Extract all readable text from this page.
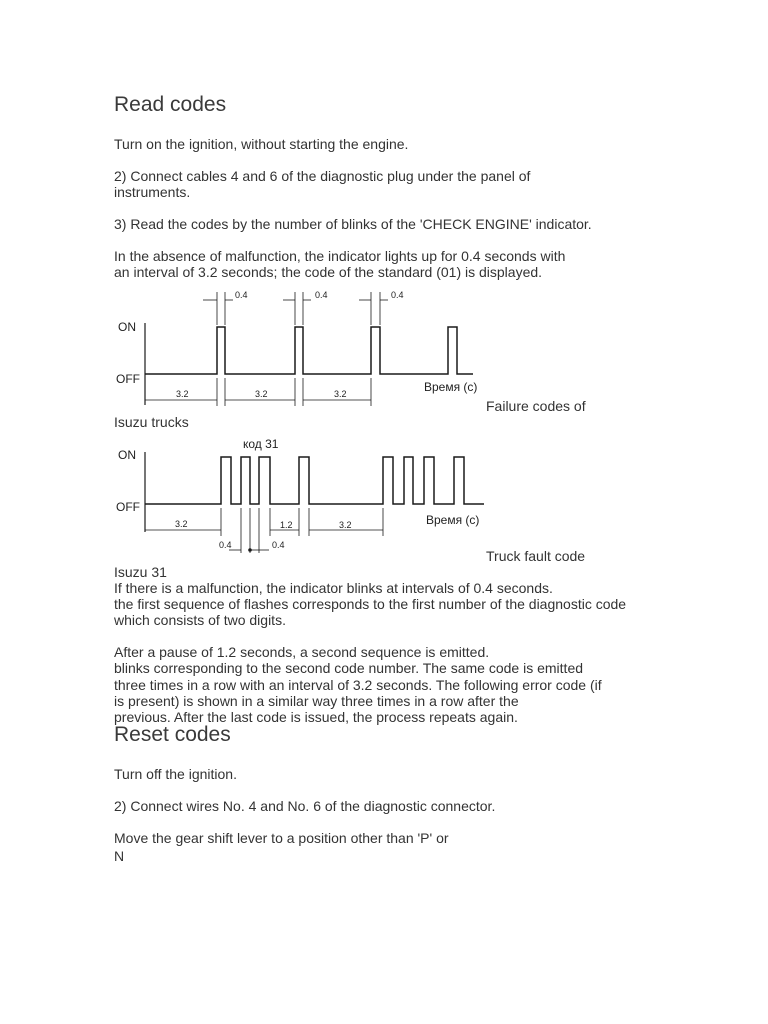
Read codes

Turn on the ignition, without starting the engine.

2) Connect cables 4 and 6 of the diagnostic plug under the panel of

instruments.

3) Read the codes by the number of blinks of the 'CHECK ENGINE' indicator.

In the absence of malfunction, the indicator lights up for 0.4 seconds with

an interval of 3.2 seconds; the code of the standard (01) is displayed.

ON
OFF
0.4	0.4	0.4
3.2	3.2	3.2	Время (с)

Failure codes of

Isuzu trucks

ON
OFF
код 31
3.2	1.2	3.2
0.4	0.4
Время (с)

Truck fault code

Isuzu 31

If there is a malfunction, the indicator blinks at intervals of 0.4 seconds.

the first sequence of flashes corresponds to the first number of the diagnostic code

which consists of two digits.

After a pause of 1.2 seconds, a second sequence is emitted.

blinks corresponding to the second code number. The same code is emitted

three times in a row with an interval of 3.2 seconds. The following error code (if

is present) is shown in a similar way three times in a row after the

previous. After the last code is issued, the process repeats again.

Reset codes

Turn off the ignition.

2) Connect wires No. 4 and No. 6 of the diagnostic connector.

Move the gear shift lever to a position other than 'P' or

N
